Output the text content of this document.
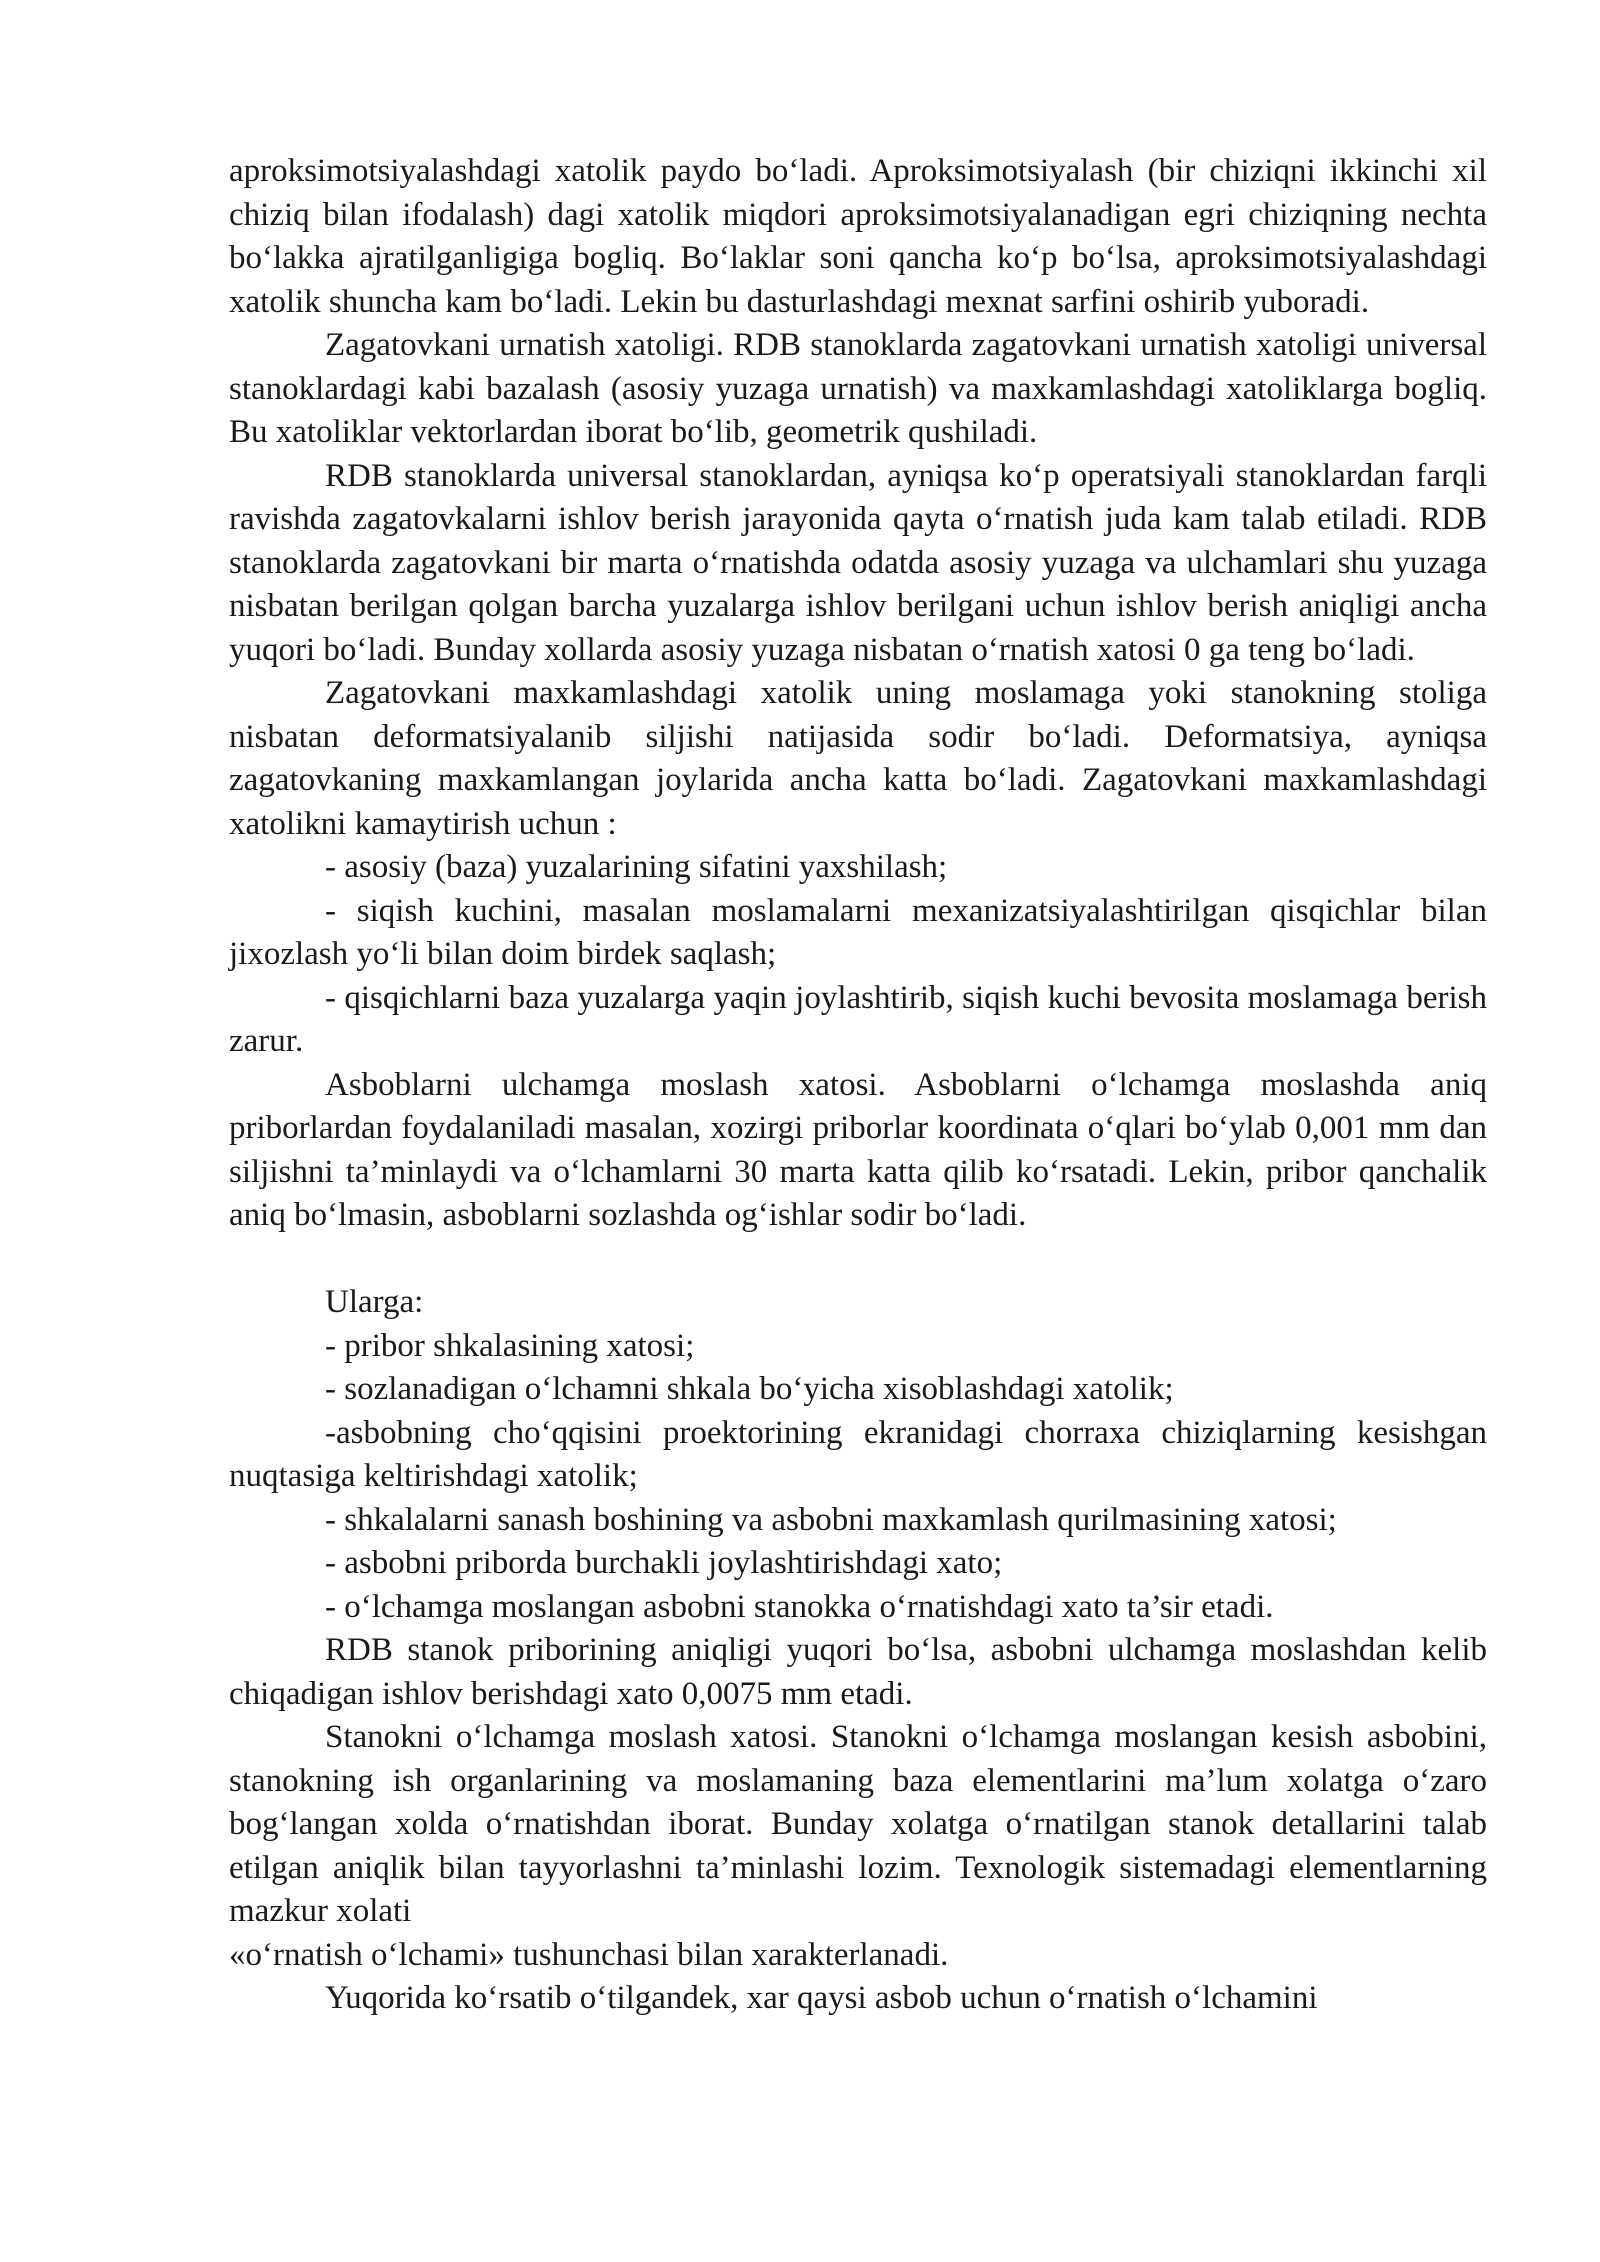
aproksimotsiyalashdagi xatolik paydo bo‘ladi. Aproksimotsiyalash (bir chiziqni ikkinchi xil chiziq bilan ifodalash) dagi xatolik miqdori aproksimotsiyalanadigan egri chiziqning nechta bo‘lakka ajratilganligiga bogliq. Bo‘laklar soni qancha ko‘p bo‘lsa, aproksimotsiyalashdagi xatolik shuncha kam bo‘ladi. Lekin bu dasturlashdagi mexnat sarfini oshirib yuboradi.

Zagatovkani urnatish xatoligi. RDB stanoklarda zagatovkani urnatish xatoligi universal stanoklardagi kabi bazalash (asosiy yuzaga urnatish) va maxkamlashdagi xatoliklarga bogliq. Bu xatoliklar vektorlardan iborat bo‘lib, geometrik qushiladi.

RDB stanoklarda universal stanoklardan, ayniqsa ko‘p operatsiyali stanoklardan farqli ravishda zagatovkalarni ishlov berish jarayonida qayta o‘rnatish juda kam talab etiladi. RDB stanoklarda zagatovkani bir marta o‘rnatishda odatda asosiy yuzaga va ulchamlari shu yuzaga nisbatan berilgan qolgan barcha yuzalarga ishlov berilgani uchun ishlov berish aniqligi ancha yuqori bo‘ladi. Bunday xollarda asosiy yuzaga nisbatan o‘rnatish xatosi 0 ga teng bo‘ladi.

Zagatovkani maxkamlashdagi xatolik uning moslamaga yoki stanokning stoliga nisbatan deformatsiyalanib siljishi natijasida sodir bo‘ladi. Deformatsiya, ayniqsa zagatovkaning maxkamlangan joylarida ancha katta bo‘ladi. Zagatovkani maxkamlashdagi xatolikni kamaytirish uchun :

- asosiy (baza) yuzalarining sifatini yaxshilash;

- siqish kuchini, masalan moslamalarni mexanizatsiyalashtirilgan qisqichlar bilan jixozlash yo‘li bilan doim birdek saqlash;

- qisqichlarni baza yuzalarga yaqin joylashtirib, siqish kuchi bevosita moslamaga berish zarur.

Asboblarni ulchamga moslash xatosi. Asboblarni o‘lchamga moslashda aniq priborlardan foydalaniladi masalan, xozirgi priborlar koordinata o‘qlari bo‘ylab 0,001 mm dan siljishni ta’minlaydi va o‘lchamlarni 30 marta katta qilib ko‘rsatadi. Lekin, pribor qanchalik aniq bo‘lmasin, asboblarni sozlashda og‘ishlar sodir bo‘ladi.

Ularga:

- pribor shkalasining xatosi;

- sozlanadigan o‘lchamni shkala bo‘yicha xisoblashdagi xatolik;

-asbobning cho‘qqisini proektorining ekranidagi chorraxa chiziqlarning kesishgan nuqtasiga keltirishdagi xatolik;

- shkalalarni sanash boshining va asbobni maxkamlash qurilmasining xatosi;

- asbobni priborda burchakli joylashtirishdagi xato;

- o‘lchamga moslangan asbobni stanokka o‘rnatishdagi xato ta’sir etadi.

RDB stanok priborining aniqligi yuqori bo‘lsa, asbobni ulchamga moslashdan kelib chiqadigan ishlov berishdagi xato 0,0075 mm etadi.

Stanokni o‘lchamga moslash xatosi. Stanokni o‘lchamga moslangan kesish asbobini, stanokning ish organlarining va moslamaning baza elementlarini ma’lum xolatga o‘zaro bog‘langan xolda o‘rnatishdan iborat. Bunday xolatga o‘rnatilgan stanok detallarini talab etilgan aniqlik bilan tayyorlashni ta’minlashi lozim. Texnologik sistemadagi elementlarning mazkur xolati

«o‘rnatish o‘lchami» tushunchasi bilan xarakterlanadi.

Yuqorida ko‘rsatib o‘tilgandek, xar qaysi asbob uchun o‘rnatish o‘lchamini
